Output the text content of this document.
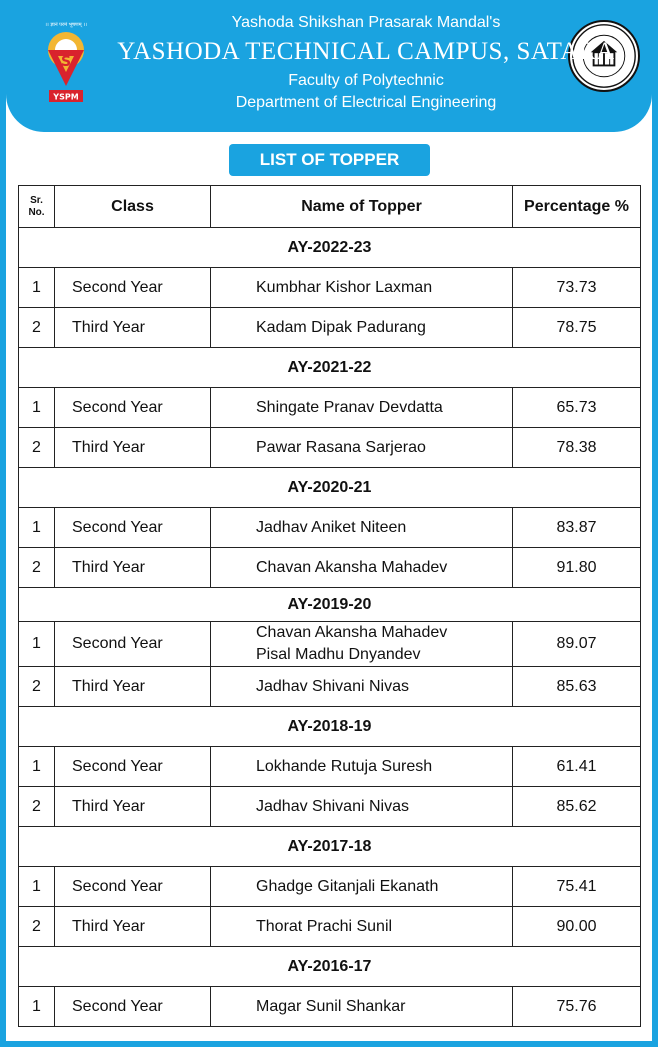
।। ज्ञानं परमं भूषणम् ।।
S
YSPM
Yashoda Shikshan Prasarak Mandal's
YASHODA TECHNICAL CAMPUS, SATARA
Faculty of Polytechnic
Department of Electrical Engineering
LIST OF TOPPER
Sr.
No.	Class	Name of Topper	Percentage %
AY-2022-23			
1	Second Year	Kumbhar Kishor Laxman	73.73
2	Third Year	Kadam Dipak Padurang	78.75
AY-2021-22			
1	Second Year	Shingate Pranav Devdatta	65.73
2	Third Year	Pawar Rasana Sarjerao	78.38
AY-2020-21			
1	Second Year	Jadhav Aniket Niteen	83.87
2	Third Year	Chavan Akansha Mahadev	91.80
AY-2019-20			
1	Second Year	Chavan Akansha Mahadev
Pisal Madhu Dnyandev	89.07
2	Third Year	Jadhav Shivani Nivas	85.63
AY-2018-19			
1	Second Year	Lokhande Rutuja Suresh	61.41
2	Third Year	Jadhav Shivani Nivas	85.62
AY-2017-18			
1	Second Year	Ghadge Gitanjali Ekanath	75.41
2	Third Year	Thorat Prachi Sunil	90.00
AY-2016-17			
1	Second Year	Magar Sunil Shankar	75.76
